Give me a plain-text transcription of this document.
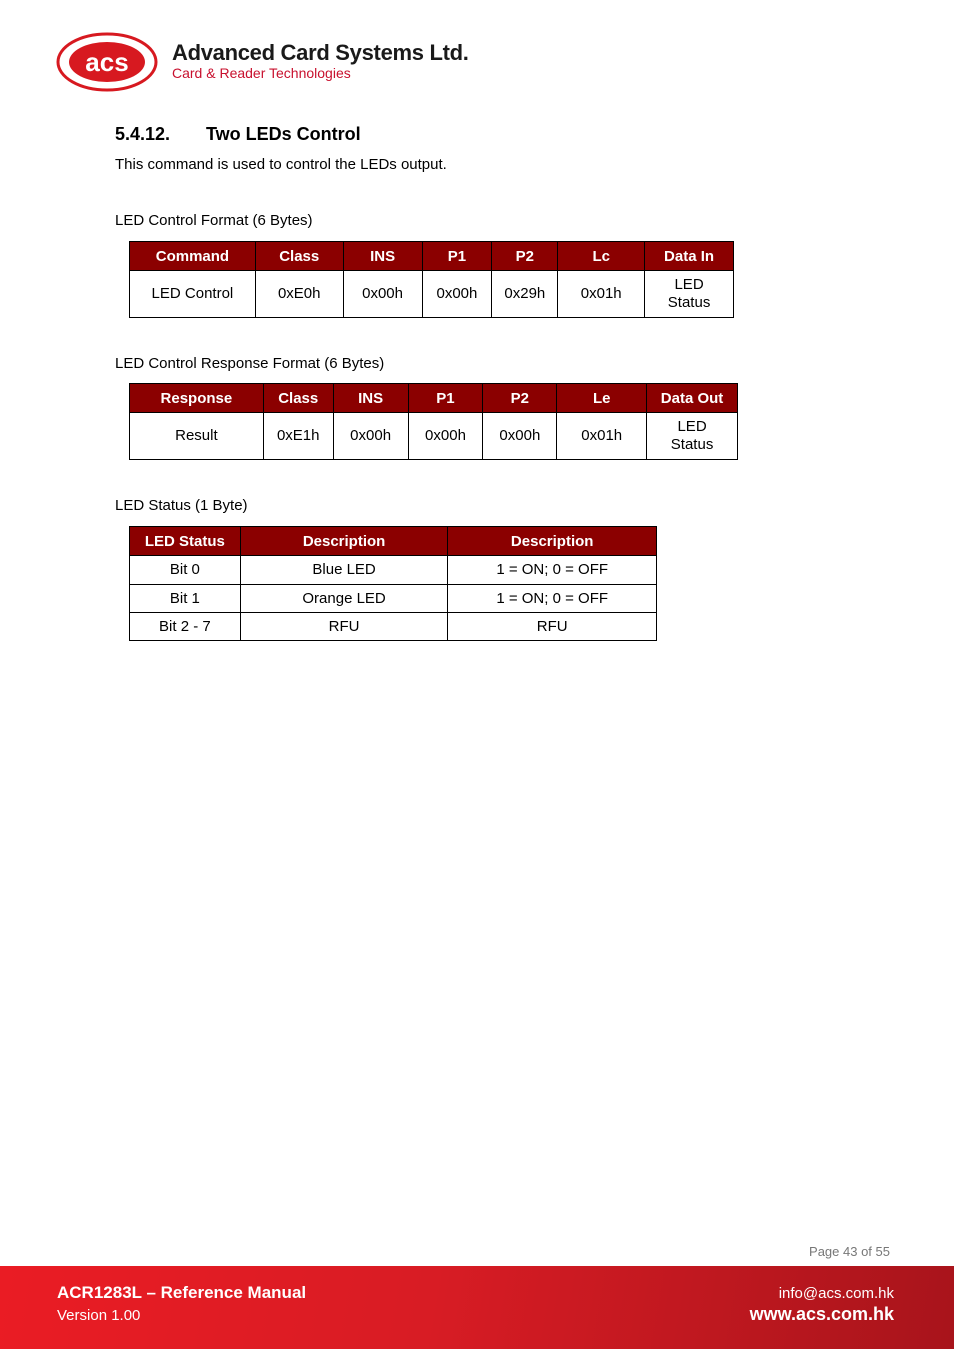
acs Advanced Card Systems Ltd.
Card & Reader Technologies
5.4.12. Two LEDs Control
This command is used to control the LEDs output.
LED Control Format (6 Bytes)
Command	Class	INS	P1	P2	Lc	Data In
LED Control	0xE0h	0x00h	0x00h	0x29h	0x01h	LED
Status
LED Control Response Format (6 Bytes)
Response	Class	INS	P1	P2	Le	Data Out
Result	0xE1h	0x00h	0x00h	0x00h	0x01h	LED
Status
LED Status (1 Byte)
LED Status	Description	Description
Bit 0	Blue LED	1 = ON; 0 = OFF
Bit 1	Orange LED	1 = ON; 0 = OFF
Bit 2 - 7	RFU	RFU
Page 43 of 55
ACR1283L – Reference Manual
Version 1.00
info@acs.com.hk
www.acs.com.hk
